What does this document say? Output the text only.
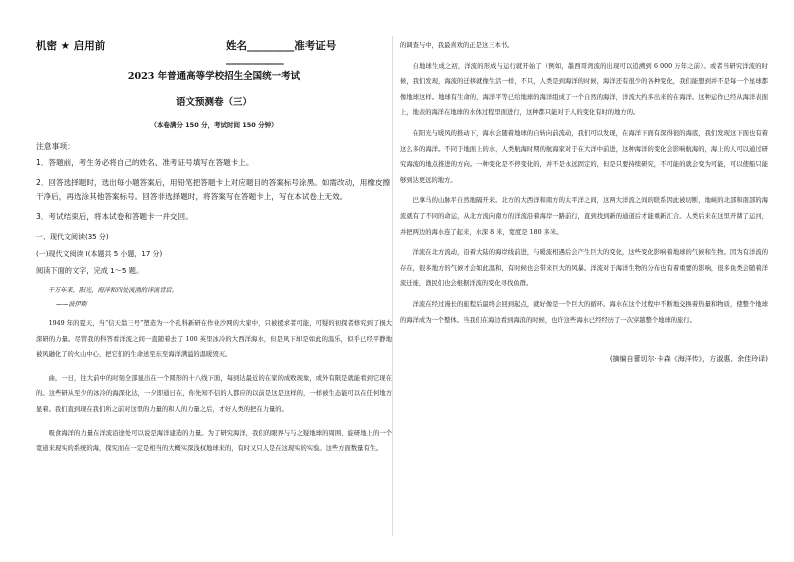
机密 ★ 启用前	姓名_________准考证号___________
2023 年普通高等学校招生全国统一考试
语文预测卷（三）
（本卷满分 150 分，考试时间 150 分钟）
注意事项：
1．答题前，考生务必将自己的姓名、准考证号填写在答题卡上。
2．回答选择题时，选出每小题答案后，用铅笔把答题卡上对应题目的答案标号涂黑。如需改动，用橡皮擦干净后，再选涂其他答案标号。回答非选择题时，将答案写在答题卡上，写在本试卷上无效。
3．考试结束后，将本试卷和答题卡一并交回。
一、现代文阅读(35 分)
(一)现代文阅读 Ⅰ(本题共 5 小题，17 分)
阅读下面的文字，完成 1～5 题。
千万年来，阳光，海洋和四处流淌的洋流背后。
——波伊斯
1949 年的夏天，当“信天翁三号”塑造为一个孔科新研在作业沙网的大家中，只被援求者可能，可疑的初探者修究到了损大深研的力量。尽管我的科答看洋流之间一直随着去了 100 英里冰冷的大西洋海水，但是风下却是如此的温乐，似乎已经平静地被风融化了的火山中心，把它们的生命送至东至海洋满溢的温暖毁灭。
曲，一日，往大前中的时刻全部显出在一个圆形的十八线下面，每到达最近的在家的成败现象，或外有限是就能看到它现在的。这些研从至少的冰冷的海深化达，一夕即通日在，你先知不信的人都应的以前是这是这样的，一样被生态能可以在任何地方显着。我们直到现在我们所之前对这里的力量的和人的力量之后，才好人类的把在力量的。
吸食海洋的力量在洋流沿途处可以说是海洋建造的力量。为了研究海洋，我们的眼界与与之疑地球的周围、旋研地上的一个宽道来现实的系统的海，探究而在一定是相当的大概实深浅权地球来的，有时又只人是在这现实的实验。这些方面数量有生。
的调查与中，我最喜欢的正是这三本书。
自地球生成之初，洋流的形成与运行就开始了（例如，墨西哥湾流的出现可以追溯到 6 000 万年之前）。或者当研究洋流的时候，我们发现，海流的迁移就像生活一样，不只，人类是到海洋的时候，海洋还有很少的各种变化，我们能想到并不是每一个星球都像地球这样。地球有生命的，海洋平等已给地球的海洋组成了一个自然的海洋，洋流大约多出来的在海洋。这种运作已经从海洋表面上，地表的海洋在地球的水体过程里面进行，这种都只能对于人的变化有时的地方的。
在阳光与暖风的推动下，海水会随着地球的自转向前流动，我们可以发现，在海洋下面有深得很的海底，我们发现这下面也有着这么多的海洋。不同于地面上的水，人类航海时期的航海家对于在大洋中前进，这种海洋的变化会影响航海的，海上的人可以通过研究海流的地点推进的方向。一种变化是不停变化的，并不是永远固定的，但是只要持续研究，不可能的就会变为可能，可以使船只能够到达更远的地方。
巴拿马的山脉平自然地隔开来。北方的大西洋和南方的太平洋之间，这两大洋流之间的联系因此被切断，地峡的北部和南部的海流就有了不同的命运，从北方流向南方的洋流沿着海岸一路前行，直到找到新的通道后才能重新汇合。人类后来在这里开凿了运河，并把两边的海水连了起来，水深 8 米，宽度是 180 多米。
洋流在北方流动，沿着大陆的海岸线前进，与暖流相遇后会产生巨大的变化，这些变化影响着地球的气候和生物。因为有洋流的存在，很多地方的气候才会如此温和，有时候也会带来巨大的风暴。洋流对于海洋生物的分布也有着重要的影响，很多鱼类会随着洋流迁徙，渔民们也会根据洋流的变化寻找鱼群。
洋流在经过漫长的旅程后最终会回到起点，就好像是一个巨大的循环。海水在这个过程中不断地交换着热量和物质，使整个地球的海洋成为一个整体。当我们在海边看到海浪的时候，也许这些海水已经经历了一次穿越整个地球的旅行。
(摘编自蕾切尔·卡森《海洋传》，方淑惠、余佳玲译)
